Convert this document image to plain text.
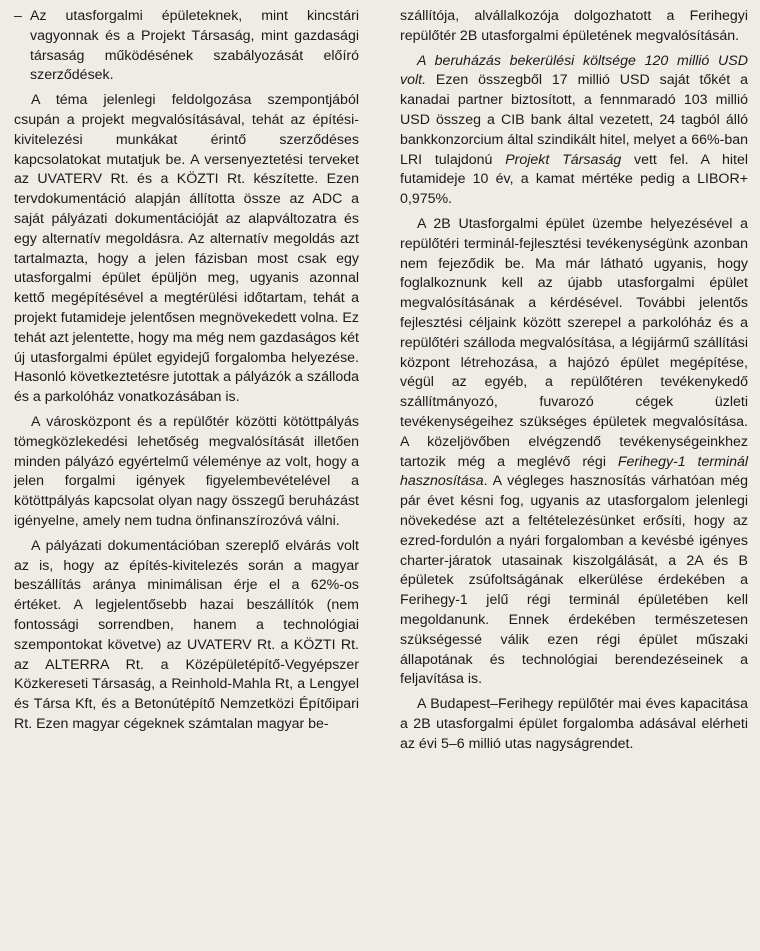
– Az utasforgalmi épületeknek, mint kincstári vagyonnak és a Projekt Társaság, mint gazdasági társaság működésének szabályozását előíró szerződések.

A téma jelenlegi feldolgozása szempontjából csupán a projekt megvalósításával, tehát az építési-kivitelezési munkákat érintő szerződéses kapcsolatokat mutatjuk be. A versenyeztetési terveket az UVATERV Rt. és a KÖZTI Rt. készítette. Ezen tervdokumentáció alapján állította össze az ADC a saját pályázati dokumentációját az alapváltozatra és egy alternatív megoldásra. Az alternatív megoldás azt tartalmazta, hogy a jelen fázisban most csak egy utasforgalmi épület épüljön meg, ugyanis azonnal kettő megépítésével a megtérülési időtartam, tehát a projekt futamideje jelentősen megnövekedett volna. Ez tehát azt jelentette, hogy ma még nem gazdaságos két új utasforgalmi épület egyidejű forgalomba helyezése. Hasonló következtetésre jutottak a pályázók a szálloda és a parkolóház vonatkozásában is.

A városközpont és a repülőtér közötti kötöttpályás tömegközlekedési lehetőség megvalósítását illetően minden pályázó egyértelmű véleménye az volt, hogy a jelen forgalmi igények figyelembevételével a kötöttpályás kapcsolat olyan nagy összegű beruházást igényelne, amely nem tudna önfinanszírozóvá válni.

A pályázati dokumentációban szereplő elvárás volt az is, hogy az építés-kivitelezés során a magyar beszállítás aránya minimálisan érje el a 62%-os értéket. A legjelentősebb hazai beszállítók (nem fontossági sorrendben, hanem a technológiai szempontokat követve) az UVATERV Rt. a KÖZTI Rt. az ALTERRA Rt. a Középületépítő-Vegyépszer Közkereseti Társaság, a Reinhold-Mahla Rt, a Lengyel és Társa Kft, és a Betonútépítő Nemzetközi Építőipari Rt. Ezen magyar cégeknek számtalan magyar be-

szállítója, alvállalkozója dolgozhatott a Ferihegyi repülőtér 2B utasforgalmi épületének megvalósításán.

A beruházás bekerülési költsége 120 millió USD volt. Ezen összegből 17 millió USD saját tőkét a kanadai partner biztosított, a fennmaradó 103 millió USD összeg a CIB bank által vezetett, 24 tagból álló bankkonzorcium által szindikált hitel, melyet a 66%-ban LRI tulajdonú Projekt Társaság vett fel. A hitel futamideje 10 év, a kamat mértéke pedig a LIBOR+ 0,975%.

A 2B Utasforgalmi épület üzembe helyezésével a repülőtéri terminál-fejlesztési tevékenységünk azonban nem fejeződik be. Ma már látható ugyanis, hogy foglalkoznunk kell az újabb utasforgalmi épület megvalósításának a kérdésével. További jelentős fejlesztési céljaink között szerepel a parkolóház és a repülőtéri szálloda megvalósítása, a légijármű szállítási központ létrehozása, a hajózó épület megépítése, végül az egyéb, a repülőtéren tevékenykedő szállítmányozó, fuvarozó cégek üzleti tevékenységeihez szükséges épületek megvalósítása. A közeljövőben elvégzendő tevékenységeinkhez tartozik még a meglévő régi Ferihegy-1 terminál hasznosítása. A végleges hasznosítás várhatóan még pár évet késni fog, ugyanis az utasforgalom jelenlegi növekedése azt a feltételezésünket erősíti, hogy az ezred-fordulón a nyári forgalomban a kevésbé igényes charter-járatok utasainak kiszolgálását, a 2A és B épületek zsúfoltságának elkerülése érdekében a Ferihegy-1 jelű régi terminál épületében kell megoldanunk. Ennek érdekében természetesen szükségessé válik ezen régi épület műszaki állapotának és technológiai berendezéseinek a feljavítása is.

A Budapest–Ferihegy repülőtér mai éves kapacitása a 2B utasforgalmi épület forgalomba adásával elérheti az évi 5–6 millió utas nagyságrendet.
